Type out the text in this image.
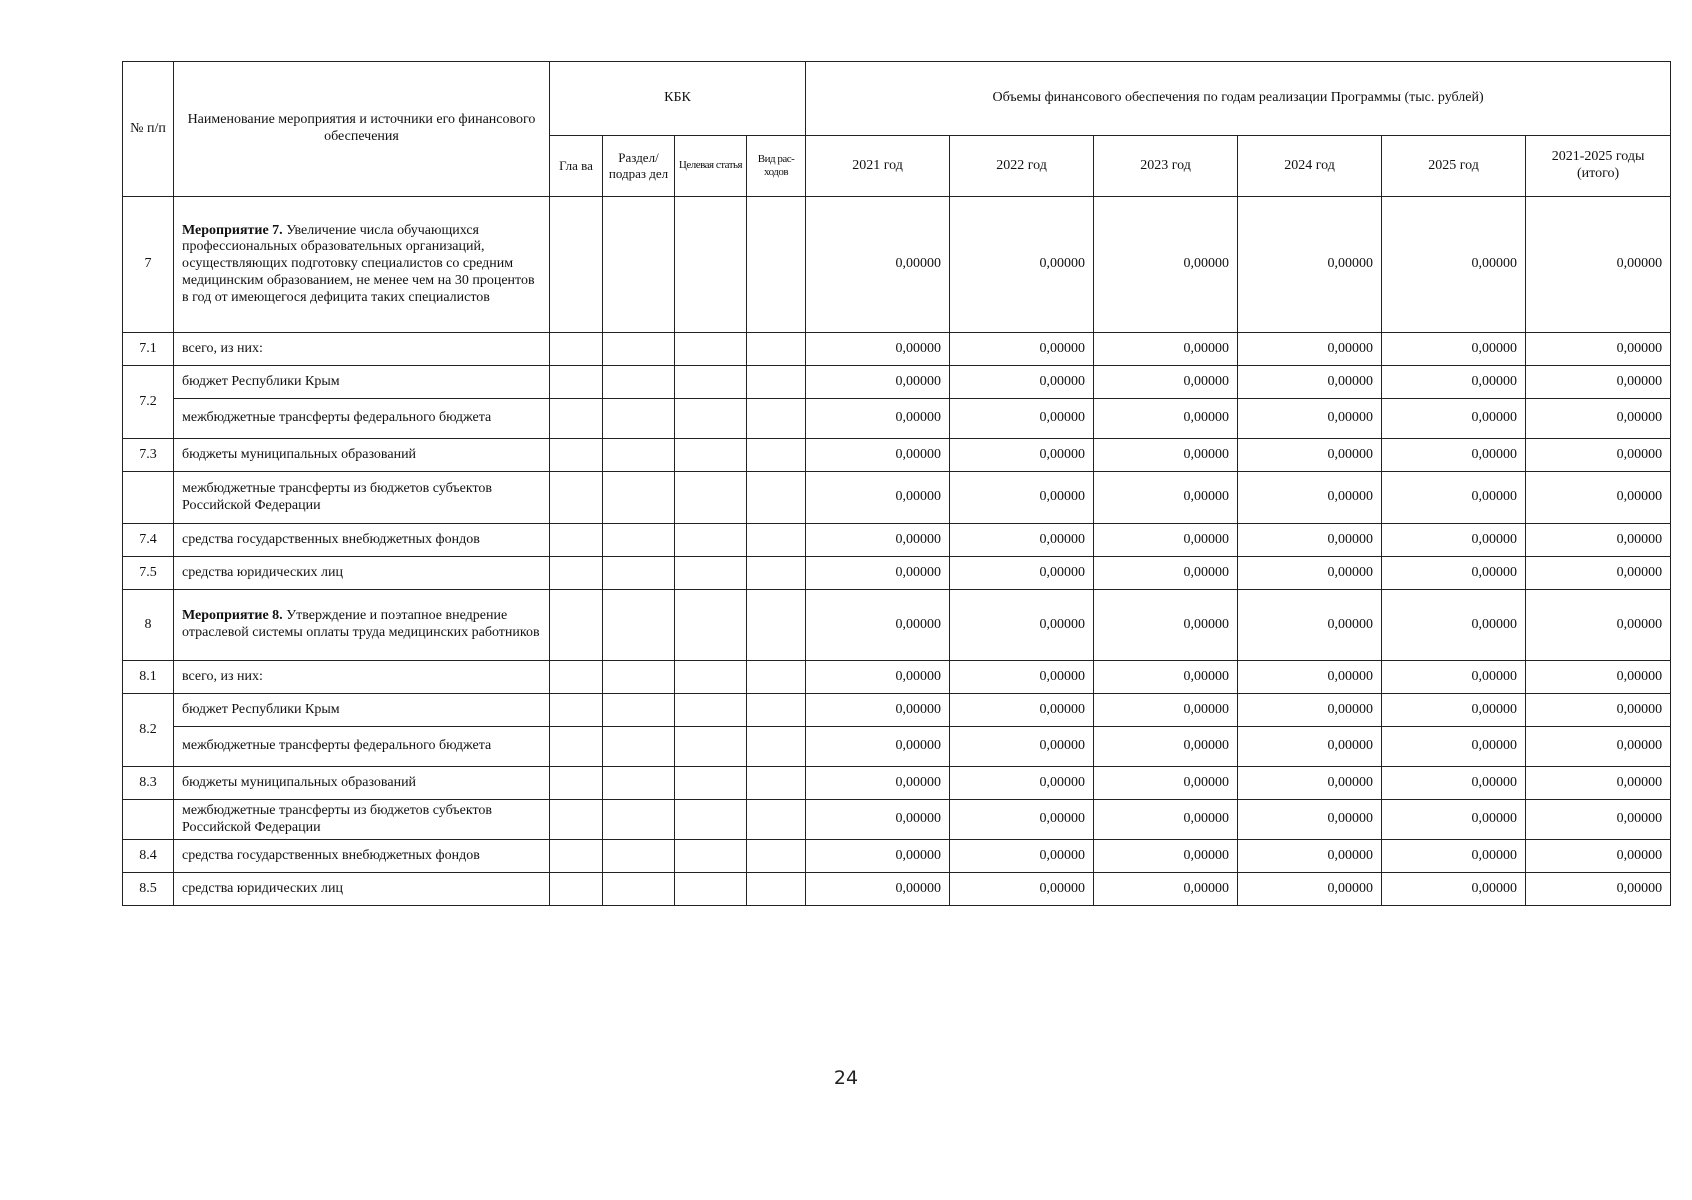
№ п/п	Наименование мероприятия и источники его финансового обеспечения	КБК				Объемы финансового обеспечения по годам реализации Программы (тыс. рублей)					
		Гла ва	Раздел/ подраз дел	Целевая статья	Вид рас- ходов	2021 год	2022 год	2023 год	2024 год	2025 год	2021-2025 годы (итого)
7	Мероприятие 7. Увеличение числа обучающихся профессиональных образовательных организаций, осуществляющих подготовку специалистов со средним медицинским образованием, не менее чем на 30 процентов в год от имеющегося дефицита таких специалистов					0,00000	0,00000	0,00000	0,00000	0,00000	0,00000
7.1	всего, из них:					0,00000	0,00000	0,00000	0,00000	0,00000	0,00000
7.2	бюджет Республики Крым					0,00000	0,00000	0,00000	0,00000	0,00000	0,00000
	межбюджетные трансферты федерального бюджета					0,00000	0,00000	0,00000	0,00000	0,00000	0,00000
7.3	бюджеты муниципальных образований					0,00000	0,00000	0,00000	0,00000	0,00000	0,00000
	межбюджетные трансферты из бюджетов субъектов Российской Федерации					0,00000	0,00000	0,00000	0,00000	0,00000	0,00000
7.4	средства государственных внебюджетных фондов					0,00000	0,00000	0,00000	0,00000	0,00000	0,00000
7.5	средства юридических лиц					0,00000	0,00000	0,00000	0,00000	0,00000	0,00000
8	Мероприятие 8. Утверждение и поэтапное внедрение отраслевой системы оплаты труда медицинских работников					0,00000	0,00000	0,00000	0,00000	0,00000	0,00000
8.1	всего, из них:					0,00000	0,00000	0,00000	0,00000	0,00000	0,00000
8.2	бюджет Республики Крым					0,00000	0,00000	0,00000	0,00000	0,00000	0,00000
	межбюджетные трансферты федерального бюджета					0,00000	0,00000	0,00000	0,00000	0,00000	0,00000
8.3	бюджеты муниципальных образований					0,00000	0,00000	0,00000	0,00000	0,00000	0,00000
	межбюджетные трансферты из бюджетов субъектов Российской Федерации					0,00000	0,00000	0,00000	0,00000	0,00000	0,00000
8.4	средства государственных внебюджетных фондов					0,00000	0,00000	0,00000	0,00000	0,00000	0,00000
8.5	средства юридических лиц					0,00000	0,00000	0,00000	0,00000	0,00000	0,00000
24
